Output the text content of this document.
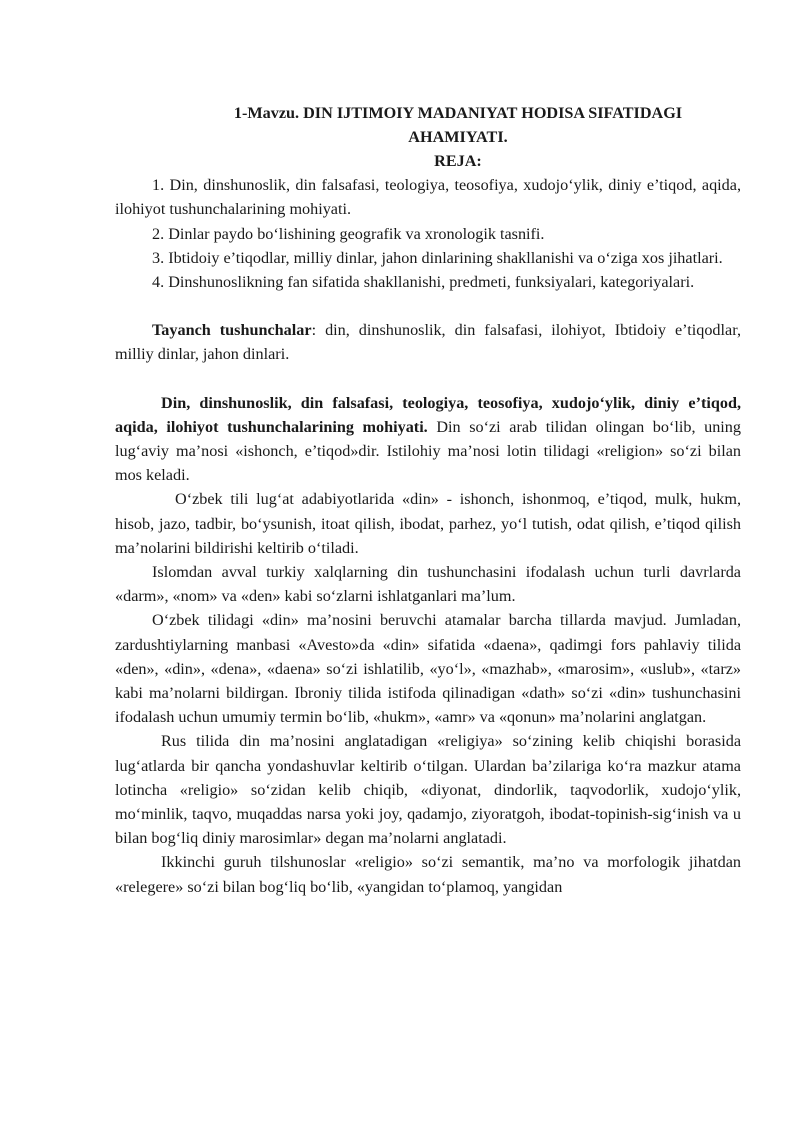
1-Mavzu. DIN IJTIMOIY MADANIYAT HODISA SIFATIDAGI
AHAMIYATI.

REJA:

1. Din, dinshunoslik, din falsafasi, teologiya, teosofiya, xudojo‘ylik, diniy e’tiqod, aqida, ilohiyot tushunchalarining mohiyati.

2. Dinlar paydo bo‘lishining geografik va xronologik tasnifi.

3. Ibtidoiy e’tiqodlar, milliy dinlar, jahon dinlarining shakllanishi va o‘ziga xos jihatlari.

4. Dinshunoslikning fan sifatida shakllanishi, predmeti, funksiyalari, kategoriyalari.

Tayanch tushunchalar: din, dinshunoslik, din falsafasi, ilohiyot, Ibtidoiy e’tiqodlar, milliy dinlar, jahon dinlari.

Din, dinshunoslik, din falsafasi, teologiya, teosofiya, xudojo‘ylik, diniy e’tiqod, aqida, ilohiyot tushunchalarining mohiyati. Din so‘zi arab tilidan olingan bo‘lib, uning lug‘aviy ma’nosi «ishonch, e’tiqod»dir. Istilohiy ma’nosi lotin tilidagi «religion» so‘zi bilan mos keladi.

O‘zbek tili lug‘at adabiyotlarida «din» - ishonch, ishonmoq, e’tiqod, mulk, hukm, hisob, jazo, tadbir, bo‘ysunish, itoat qilish, ibodat, parhez, yo‘l tutish, odat qilish, e’tiqod qilish ma’nolarini bildirishi keltirib o‘tiladi.

Islomdan avval turkiy xalqlarning din tushunchasini ifodalash uchun turli davrlarda «darm», «nom» va «den» kabi so‘zlarni ishlatganlari ma’lum.

O‘zbek tilidagi «din» ma’nosini beruvchi atamalar barcha tillarda mavjud. Jumladan, zardushtiylarning manbasi «Avesto»da «din» sifatida «daena», qadimgi fors pahlaviy tilida «den», «din», «dena», «daena» so‘zi ishlatilib, «yo‘l», «mazhab», «marosim», «uslub», «tarz» kabi ma’nolarni bildirgan. Ibroniy tilida istifoda qilinadigan «dath» so‘zi «din» tushunchasini ifodalash uchun umumiy termin bo‘lib, «hukm», «amr» va «qonun» ma’nolarini anglatgan.

Rus tilida din ma’nosini anglatadigan «religiya» so‘zining kelib chiqishi borasida lug‘atlarda bir qancha yondashuvlar keltirib o‘tilgan. Ulardan ba’zilariga ko‘ra mazkur atama lotincha «religio» so‘zidan kelib chiqib, «diyonat, dindorlik, taqvodorlik, xudojo‘ylik, mo‘minlik, taqvo, muqaddas narsa yoki joy, qadamjo, ziyoratgoh, ibodat-topinish-sig‘inish va u bilan bog‘liq diniy marosimlar» degan ma’nolarni anglatadi.

Ikkinchi guruh tilshunoslar «religio» so‘zi semantik, ma’no va morfologik jihatdan «relegere» so‘zi bilan bog‘liq bo‘lib, «yangidan to‘plamoq, yangidan
